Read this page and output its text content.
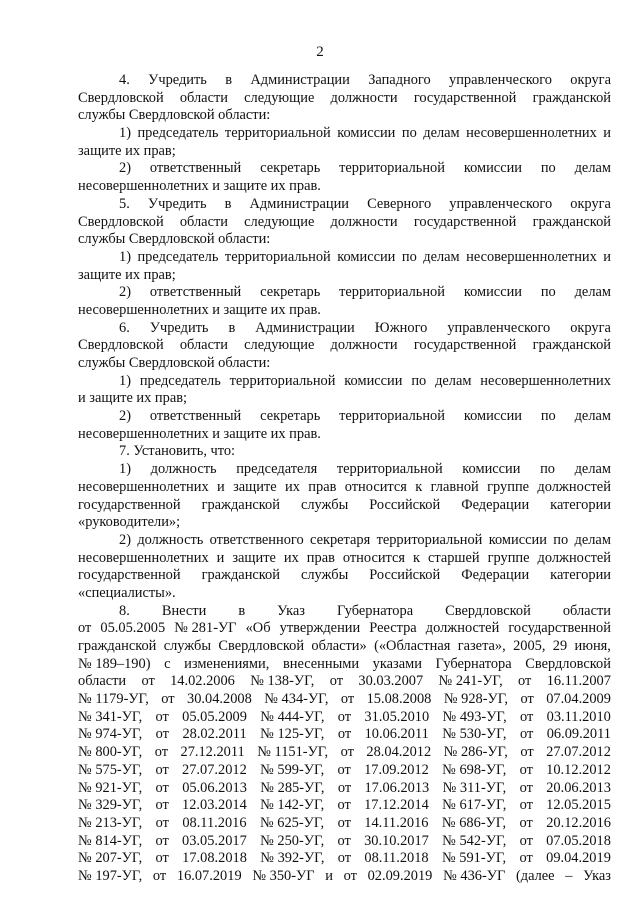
2
4. Учредить в Администрации Западного управленческого округа
Свердловской области следующие должности государственной гражданской
службы Свердловской области:
1) председатель территориальной комиссии по делам несовершеннолетних и
защите их прав;
2) ответственный секретарь территориальной комиссии по делам
несовершеннолетних и защите их прав.
5. Учредить в Администрации Северного управленческого округа
Свердловской области следующие должности государственной гражданской
службы Свердловской области:
1) председатель территориальной комиссии по делам несовершеннолетних и
защите их прав;
2) ответственный секретарь территориальной комиссии по делам
несовершеннолетних и защите их прав.
6. Учредить в Администрации Южного управленческого округа
Свердловской области следующие должности государственной гражданской
службы Свердловской области:
1) председатель территориальной комиссии по делам несовершеннолетних
и защите их прав;
2) ответственный секретарь территориальной комиссии по делам
несовершеннолетних и защите их прав.
7. Установить, что:
1) должность председателя территориальной комиссии по делам
несовершеннолетних и защите их прав относится к главной группе должностей
государственной гражданской службы Российской Федерации категории
«руководители»;
2) должность ответственного секретаря территориальной комиссии по делам
несовершеннолетних и защите их прав относится к старшей группе должностей
государственной гражданской службы Российской Федерации категории
«специалисты».
8. Внести в Указ Губернатора Свердловской области
от 05.05.2005 № 281-УГ «Об утверждении Реестра должностей государственной
гражданской службы Свердловской области» («Областная газета», 2005, 29 июня,
№ 189–190) с изменениями, внесенными указами Губернатора Свердловской
области от 14.02.2006 № 138-УГ, от 30.03.2007 № 241-УГ, от 16.11.2007
№ 1179-УГ, от 30.04.2008 № 434-УГ, от 15.08.2008 № 928-УГ, от 07.04.2009
№ 341-УГ, от 05.05.2009 № 444-УГ, от 31.05.2010 № 493-УГ, от 03.11.2010
№ 974-УГ, от 28.02.2011 № 125-УГ, от 10.06.2011 № 530-УГ, от 06.09.2011
№ 800-УГ, от 27.12.2011 № 1151-УГ, от 28.04.2012 № 286-УГ, от 27.07.2012
№ 575-УГ, от 27.07.2012 № 599-УГ, от 17.09.2012 № 698-УГ, от 10.12.2012
№ 921-УГ, от 05.06.2013 № 285-УГ, от 17.06.2013 № 311-УГ, от 20.06.2013
№ 329-УГ, от 12.03.2014 № 142-УГ, от 17.12.2014 № 617-УГ, от 12.05.2015
№ 213-УГ, от 08.11.2016 № 625-УГ, от 14.11.2016 № 686-УГ, от 20.12.2016
№ 814-УГ, от 03.05.2017 № 250-УГ, от 30.10.2017 № 542-УГ, от 07.05.2018
№ 207-УГ, от 17.08.2018 № 392-УГ, от 08.11.2018 № 591-УГ, от 09.04.2019
№ 197-УГ, от 16.07.2019 № 350-УГ и от 02.09.2019 № 436-УГ (далее – Указ
